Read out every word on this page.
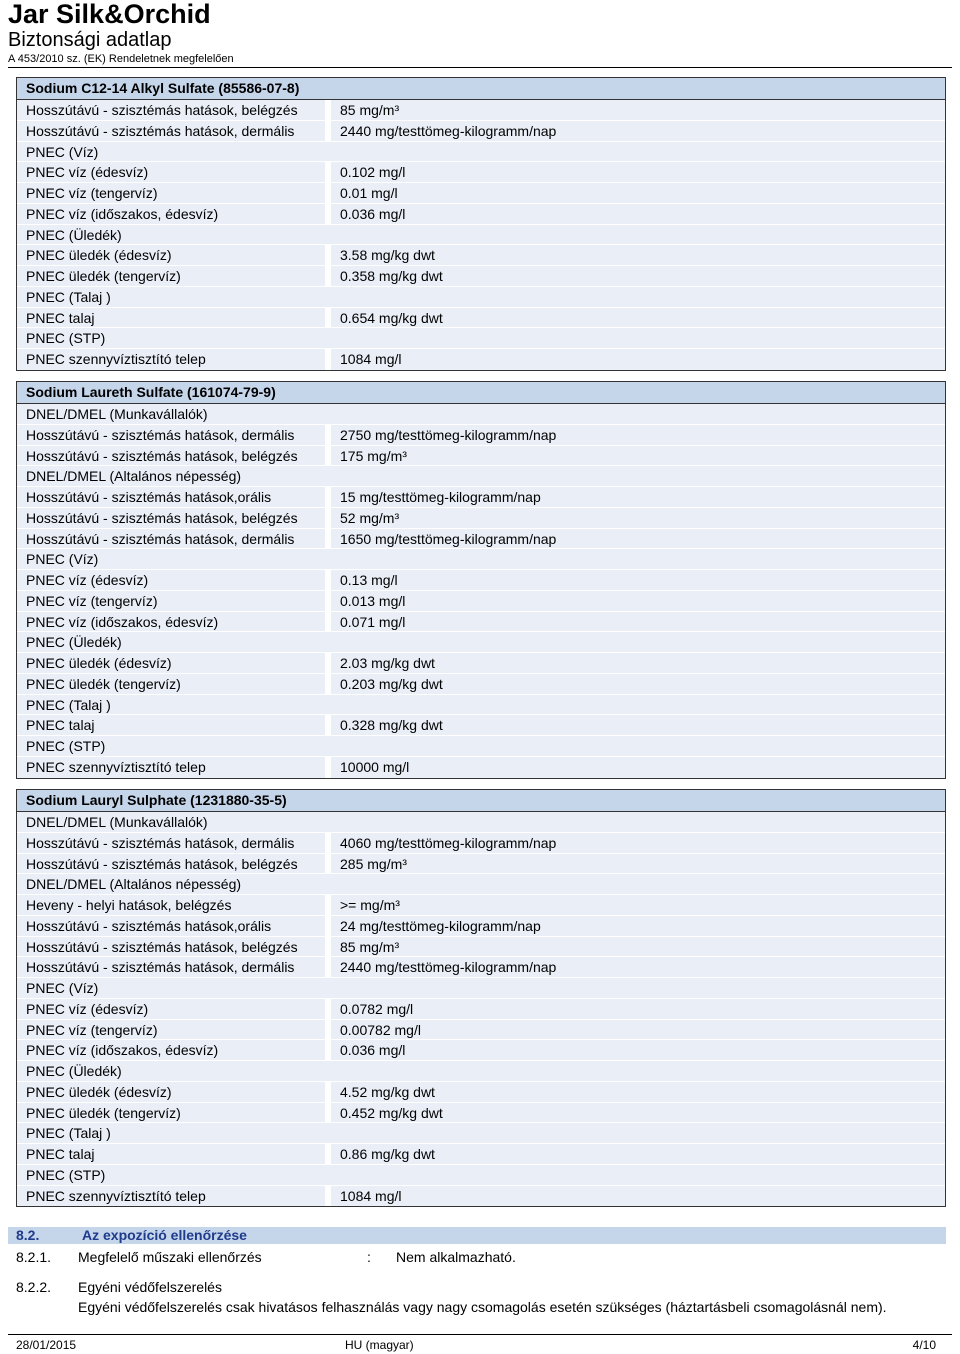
Jar Silk&Orchid
Biztonsági adatlap
A 453/2010 sz. (EK) Rendeletnek megfelelően
Sodium C12-14 Alkyl Sulfate (85586-07-8)
Hosszútávú - szisztémás hatások, belégzés	85 mg/m³
Hosszútávú - szisztémás hatások, dermális	2440 mg/testtömeg-kilogramm/nap
PNEC (Víz)
PNEC víz (édesvíz)	0.102 mg/l
PNEC víz (tengervíz)	0.01 mg/l
PNEC víz (időszakos, édesvíz)	0.036 mg/l
PNEC (Üledék)
PNEC üledék (édesvíz)	3.58 mg/kg dwt
PNEC üledék (tengervíz)	0.358 mg/kg dwt
PNEC (Talaj )
PNEC talaj	0.654 mg/kg dwt
PNEC (STP)
PNEC szennyvíztisztító telep	1084 mg/l
Sodium Laureth Sulfate (161074-79-9)
DNEL/DMEL (Munkavállalók)
Hosszútávú - szisztémás hatások, dermális	2750 mg/testtömeg-kilogramm/nap
Hosszútávú - szisztémás hatások, belégzés	175 mg/m³
DNEL/DMEL (Altalános népesség)
Hosszútávú - szisztémás hatások,orális	15 mg/testtömeg-kilogramm/nap
Hosszútávú - szisztémás hatások, belégzés	52 mg/m³
Hosszútávú - szisztémás hatások, dermális	1650 mg/testtömeg-kilogramm/nap
PNEC (Víz)
PNEC víz (édesvíz)	0.13 mg/l
PNEC víz (tengervíz)	0.013 mg/l
PNEC víz (időszakos, édesvíz)	0.071 mg/l
PNEC (Üledék)
PNEC üledék (édesvíz)	2.03 mg/kg dwt
PNEC üledék (tengervíz)	0.203 mg/kg dwt
PNEC (Talaj )
PNEC talaj	0.328 mg/kg dwt
PNEC (STP)
PNEC szennyvíztisztító telep	10000 mg/l
Sodium Lauryl Sulphate (1231880-35-5)
DNEL/DMEL (Munkavállalók)
Hosszútávú - szisztémás hatások, dermális	4060 mg/testtömeg-kilogramm/nap
Hosszútávú - szisztémás hatások, belégzés	285 mg/m³
DNEL/DMEL (Altalános népesség)
Heveny - helyi hatások, belégzés	>= mg/m³
Hosszútávú - szisztémás hatások,orális	24 mg/testtömeg-kilogramm/nap
Hosszútávú - szisztémás hatások, belégzés	85 mg/m³
Hosszútávú - szisztémás hatások, dermális	2440 mg/testtömeg-kilogramm/nap
PNEC (Víz)
PNEC víz (édesvíz)	0.0782 mg/l
PNEC víz (tengervíz)	0.00782 mg/l
PNEC víz (időszakos, édesvíz)	0.036 mg/l
PNEC (Üledék)
PNEC üledék (édesvíz)	4.52 mg/kg dwt
PNEC üledék (tengervíz)	0.452 mg/kg dwt
PNEC (Talaj )
PNEC talaj	0.86 mg/kg dwt
PNEC (STP)
PNEC szennyvíztisztító telep	1084 mg/l
8.2.	Az expozíció ellenőrzése
8.2.1. Megfelelő műszaki ellenőrzés	: Nem alkalmazható.
8.2.2. Egyéni védőfelszerelés
Egyéni védőfelszerelés csak hivatásos felhasználás vagy nagy csomagolás esetén szükséges (háztartásbeli csomagolásnál nem).
28/01/2015	HU (magyar)	4/10
